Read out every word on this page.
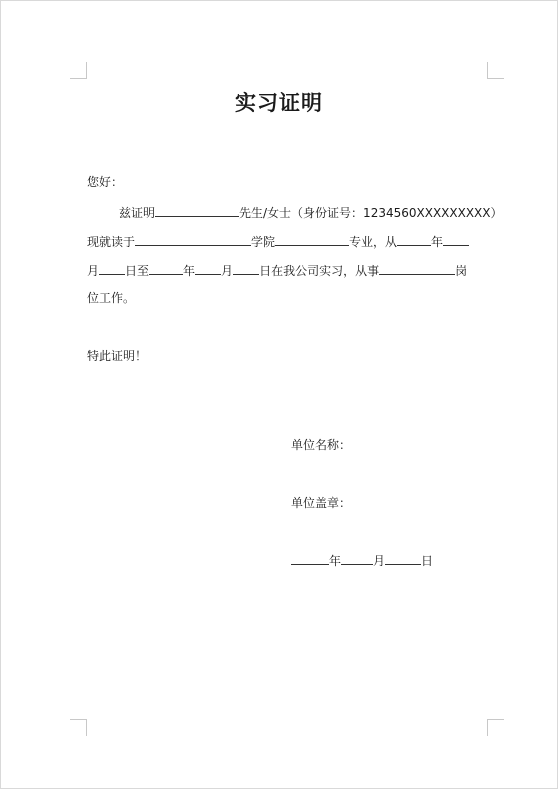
实习证明
您好：
兹证明	先生/女士（身份证号：1234560XXXXXXXXX）
现就读于	学院	专业，从	年
月 日至	年 月 日在我公司实习，从事	岗
位工作。
特此证明！
单位名称：
单位盖章：
年	月	日
